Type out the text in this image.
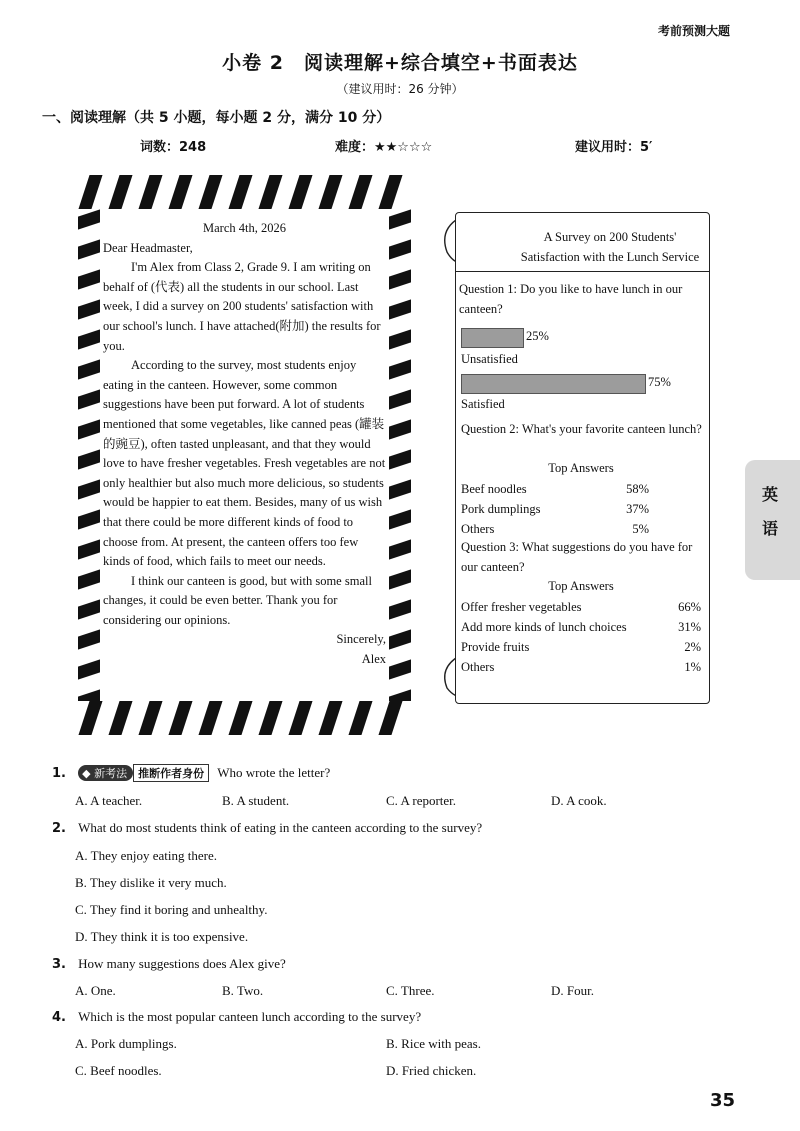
考前预测大题
小卷 2　阅读理解+综合填空+书面表达
（建议用时：26 分钟）
一、阅读理解（共 5 小题，每小题 2 分，满分 10 分）
词数：248	难度：★★☆☆☆	建议用时：5′

March 4th, 2026

Dear Headmaster,

I'm Alex from Class 2, Grade 9. I am writing on behalf of (代表) all the students in our school. Last week, I did a survey on 200 students' satisfaction with our school's lunch. I have attached(附加) the results for you.

According to the survey, most students enjoy eating in the canteen. However, some common suggestions have been put forward. A lot of students mentioned that some vegetables, like canned peas (罐装的豌豆), often tasted unpleasant, and that they would love to have fresher vegetables. Fresh vegetables are not only healthier but also much more delicious, so students would be happier to eat them. Besides, many of us wish that there could be more different kinds of food to choose from. At present, the canteen offers too few kinds of food, which fails to meet our needs.

I think our canteen is good, but with some small changes, it could be even better. Thank you for considering our opinions.

Sincerely,

Alex

A Survey on 200 Students'
Satisfaction with the Lunch Service
Question 1: Do you like to have lunch in our canteen?
25%
Unsatisfied
75%
Satisfied
Question 2: What's your favorite canteen lunch?
Top Answers
Beef noodles	58%
Pork dumplings	37%
Others	5%
Question 3: What suggestions do you have for our canteen?
Top Answers
Offer fresher vegetables	66%
Add more kinds of lunch choices	31%
Provide fruits	2%
Others	1%
1. ◆ 新考法 推断作者身份 Who wrote the letter?
A. A teacher.	B. A student.	C. A reporter.	D. A cook.
2. What do most students think of eating in the canteen according to the survey?
A. They enjoy eating there.
B. They dislike it very much.
C. They find it boring and unhealthy.
D. They think it is too expensive.
3. How many suggestions does Alex give?
A. One.	B. Two.	C. Three.	D. Four.
4. Which is the most popular canteen lunch according to the survey?
A. Pork dumplings.	B. Rice with peas.
C. Beef noodles.	D. Fried chicken.
英
语
35
